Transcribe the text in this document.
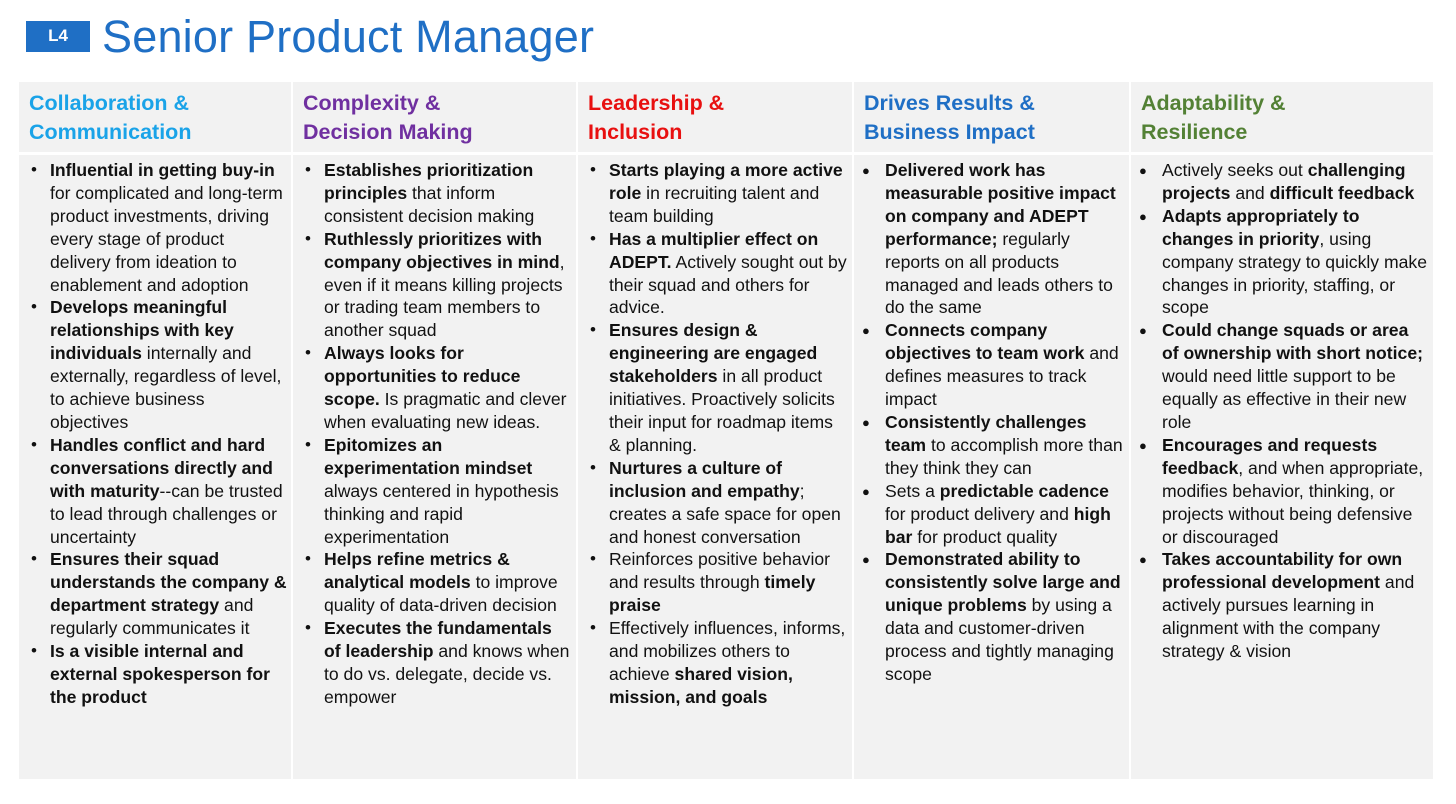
L4 Senior Product Manager
Collaboration &
Communication
• Influential in getting buy-in for complicated and long-term product investments, driving every stage of product delivery from ideation to enablement and adoption
• Develops meaningful relationships with key individuals internally and externally, regardless of level, to achieve business objectives
• Handles conflict and hard conversations directly and with maturity--can be trusted to lead through challenges or uncertainty
• Ensures their squad understands the company & department strategy and regularly communicates it
• Is a visible internal and external spokesperson for the product
Complexity &
Decision Making
• Establishes prioritization principles that inform consistent decision making
• Ruthlessly prioritizes with company objectives in mind, even if it means killing projects or trading team members to another squad
• Always looks for opportunities to reduce scope. Is pragmatic and clever when evaluating new ideas.
• Epitomizes an experimentation mindset always centered in hypothesis thinking and rapid experimentation
• Helps refine metrics & analytical models to improve quality of data-driven decision
• Executes the fundamentals of leadership and knows when to do vs. delegate, decide vs. empower
Leadership &
Inclusion
• Starts playing a more active role in recruiting talent and team building
• Has a multiplier effect on ADEPT. Actively sought out by their squad and others for advice.
• Ensures design & engineering are engaged stakeholders in all product initiatives. Proactively solicits their input for roadmap items & planning.
• Nurtures a culture of inclusion and empathy; creates a safe space for open and honest conversation
• Reinforces positive behavior and results through timely praise
• Effectively influences, informs, and mobilizes others to achieve shared vision, mission, and goals
Drives Results &
Business Impact
● Delivered work has measurable positive impact on company and ADEPT performance; regularly reports on all products managed and leads others to do the same
● Connects company objectives to team work and defines measures to track impact
● Consistently challenges team to accomplish more than they think they can
● Sets a predictable cadence for product delivery and high bar for product quality
● Demonstrated ability to consistently solve large and unique problems by using a data and customer-driven process and tightly managing scope
Adaptability &
Resilience
● Actively seeks out challenging projects and difficult feedback
● Adapts appropriately to changes in priority, using company strategy to quickly make changes in priority, staffing, or scope
● Could change squads or area of ownership with short notice; would need little support to be equally as effective in their new role
● Encourages and requests feedback, and when appropriate, modifies behavior, thinking, or projects without being defensive or discouraged
● Takes accountability for own professional development and actively pursues learning in alignment with the company strategy & vision
